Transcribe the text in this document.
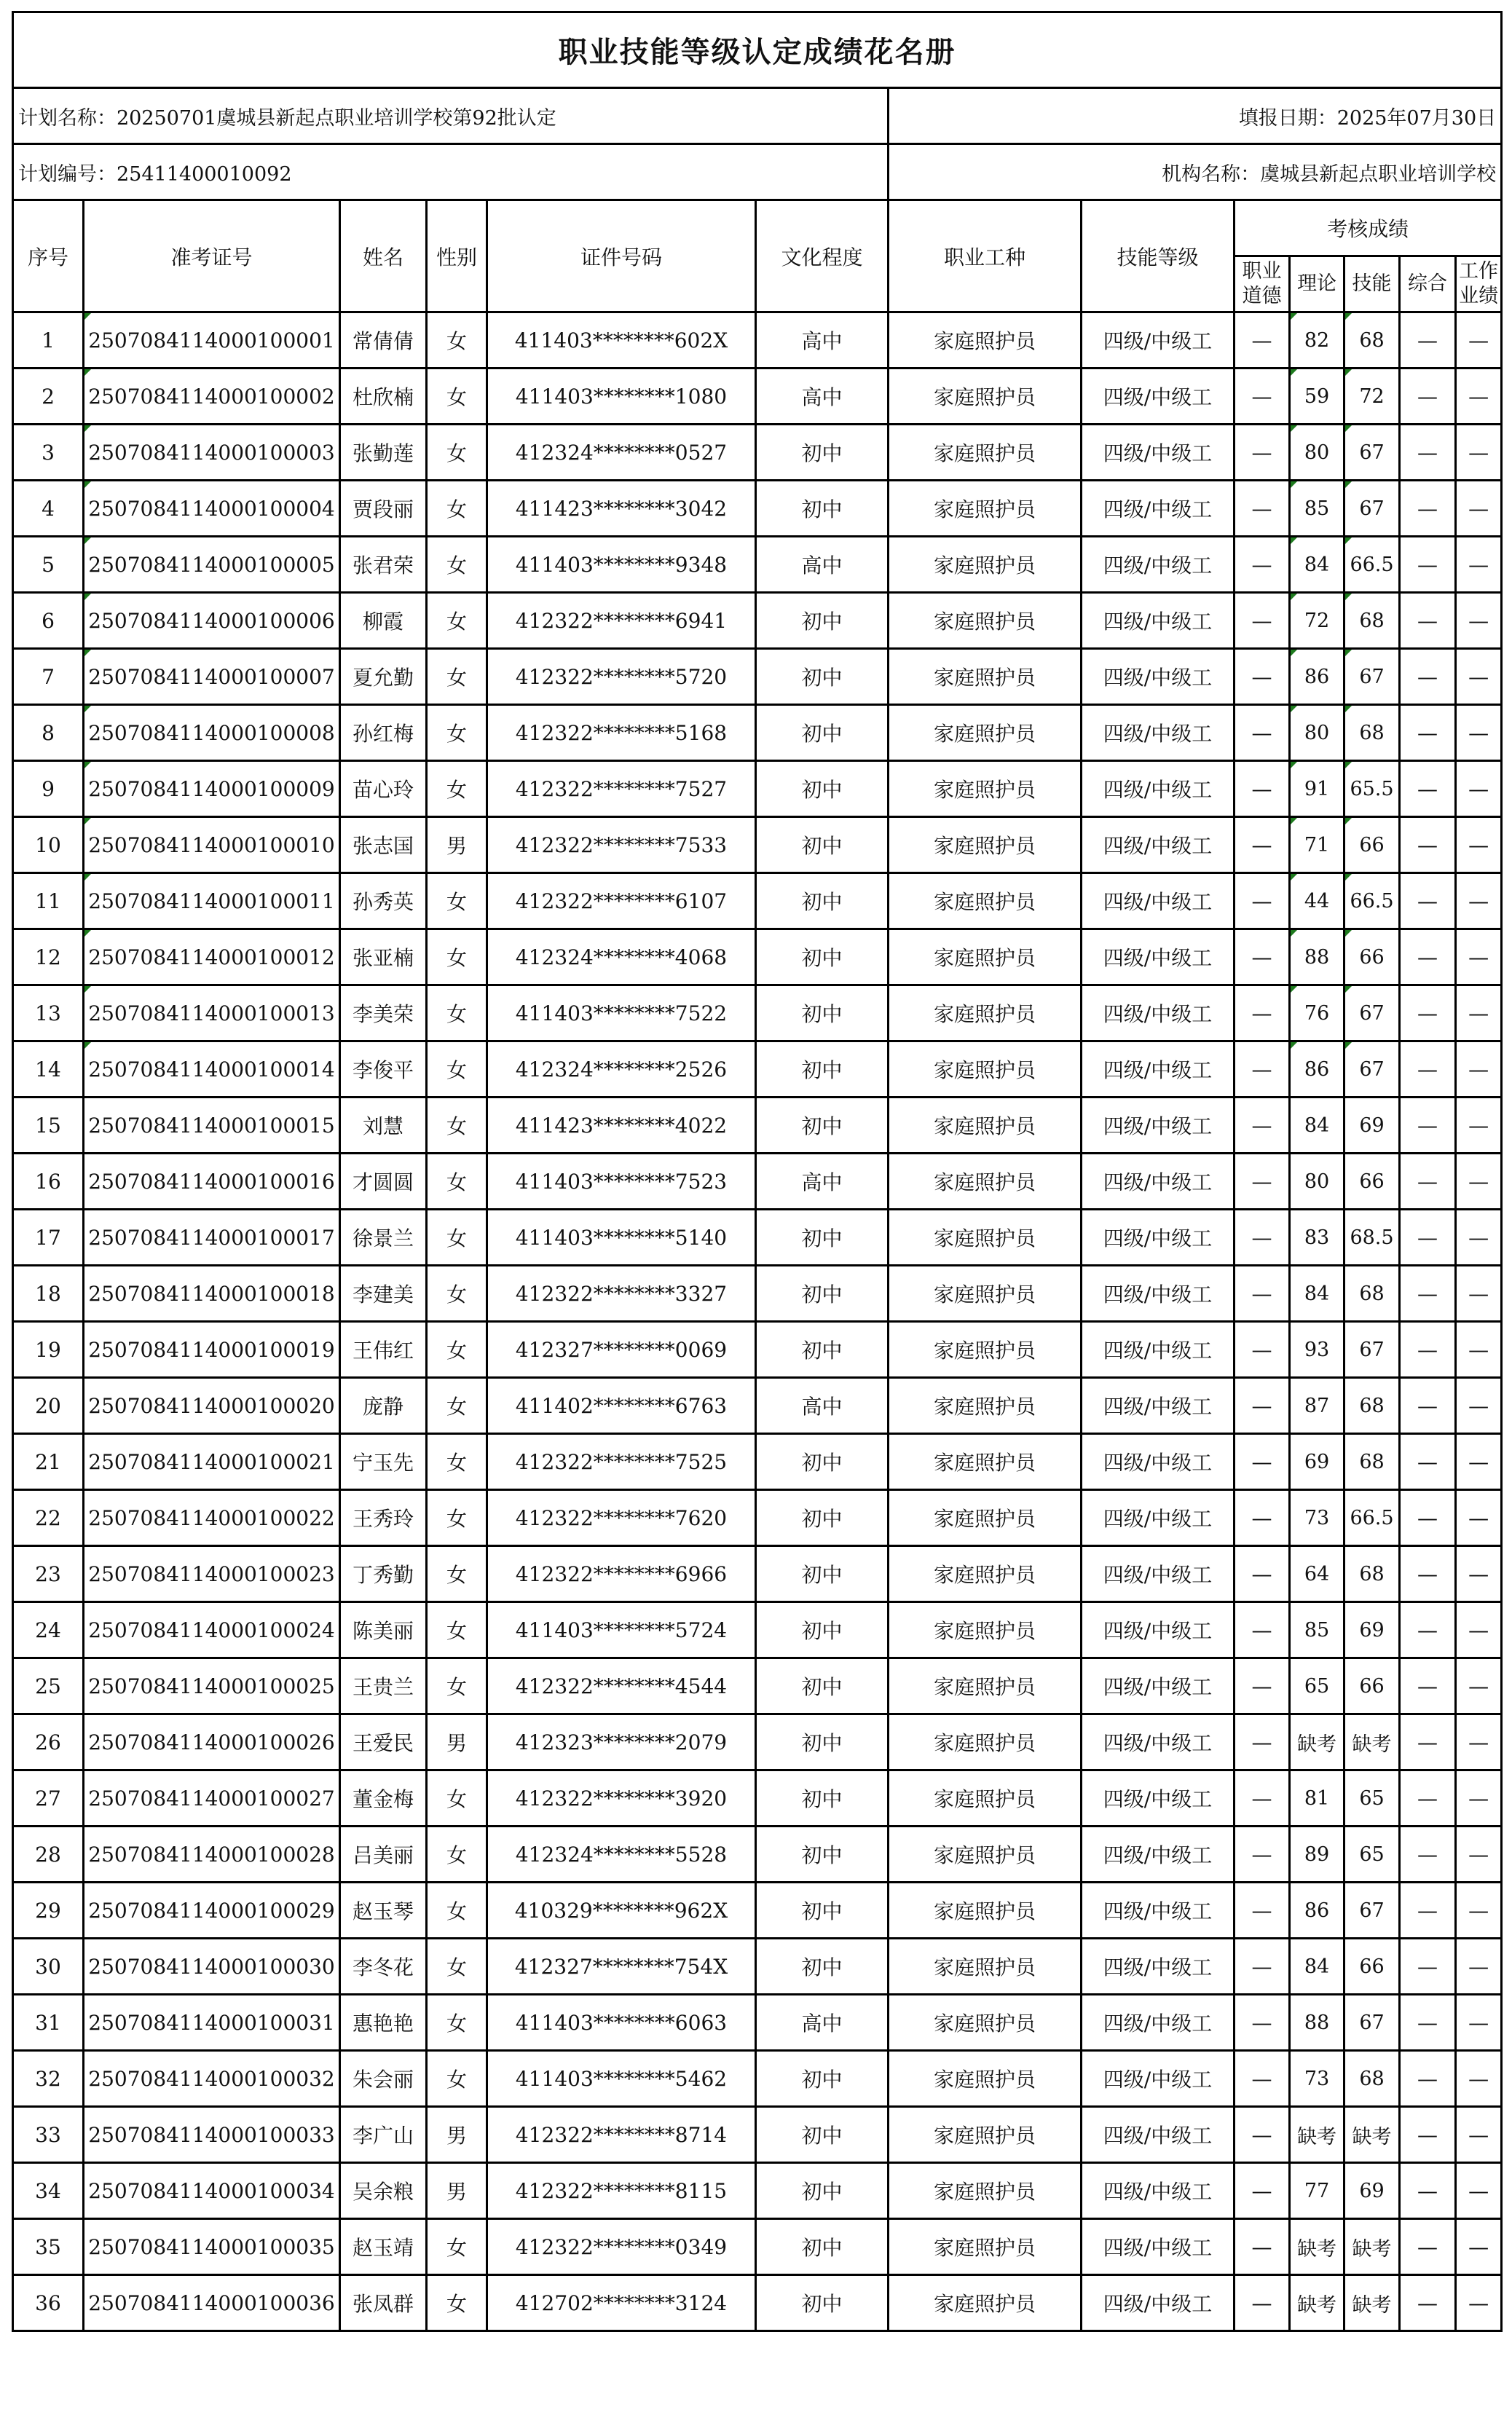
职业技能等级认定成绩花名册												
计划名称：20250701虞城县新起点职业培训学校第92批认定						填报日期：2025年07月30日						
计划编号：25411400010092						机构名称：虞城县新起点职业培训学校						
序号	准考证号	姓名	性别	证件号码	文化程度	职业工种	技能等级	考核成绩				
								职业道德	理论	技能	综合	工作业绩
1	2507084114000100001	常倩倩	女	411403********602X	高中	家庭照护员	四级/中级工	—	82	68	—	—
2	2507084114000100002	杜欣楠	女	411403********1080	高中	家庭照护员	四级/中级工	—	59	72	—	—
3	2507084114000100003	张勤莲	女	412324********0527	初中	家庭照护员	四级/中级工	—	80	67	—	—
4	2507084114000100004	贾段丽	女	411423********3042	初中	家庭照护员	四级/中级工	—	85	67	—	—
5	2507084114000100005	张君荣	女	411403********9348	高中	家庭照护员	四级/中级工	—	84	66.5	—	—
6	2507084114000100006	柳霞	女	412322********6941	初中	家庭照护员	四级/中级工	—	72	68	—	—
7	2507084114000100007	夏允勤	女	412322********5720	初中	家庭照护员	四级/中级工	—	86	67	—	—
8	2507084114000100008	孙红梅	女	412322********5168	初中	家庭照护员	四级/中级工	—	80	68	—	—
9	2507084114000100009	苗心玲	女	412322********7527	初中	家庭照护员	四级/中级工	—	91	65.5	—	—
10	2507084114000100010	张志国	男	412322********7533	初中	家庭照护员	四级/中级工	—	71	66	—	—
11	2507084114000100011	孙秀英	女	412322********6107	初中	家庭照护员	四级/中级工	—	44	66.5	—	—
12	2507084114000100012	张亚楠	女	412324********4068	初中	家庭照护员	四级/中级工	—	88	66	—	—
13	2507084114000100013	李美荣	女	411403********7522	初中	家庭照护员	四级/中级工	—	76	67	—	—
14	2507084114000100014	李俊平	女	412324********2526	初中	家庭照护员	四级/中级工	—	86	67	—	—
15	2507084114000100015	刘慧	女	411423********4022	初中	家庭照护员	四级/中级工	—	84	69	—	—
16	2507084114000100016	才圆圆	女	411403********7523	高中	家庭照护员	四级/中级工	—	80	66	—	—
17	2507084114000100017	徐景兰	女	411403********5140	初中	家庭照护员	四级/中级工	—	83	68.5	—	—
18	2507084114000100018	李建美	女	412322********3327	初中	家庭照护员	四级/中级工	—	84	68	—	—
19	2507084114000100019	王伟红	女	412327********0069	初中	家庭照护员	四级/中级工	—	93	67	—	—
20	2507084114000100020	庞静	女	411402********6763	高中	家庭照护员	四级/中级工	—	87	68	—	—
21	2507084114000100021	宁玉先	女	412322********7525	初中	家庭照护员	四级/中级工	—	69	68	—	—
22	2507084114000100022	王秀玲	女	412322********7620	初中	家庭照护员	四级/中级工	—	73	66.5	—	—
23	2507084114000100023	丁秀勤	女	412322********6966	初中	家庭照护员	四级/中级工	—	64	68	—	—
24	2507084114000100024	陈美丽	女	411403********5724	初中	家庭照护员	四级/中级工	—	85	69	—	—
25	2507084114000100025	王贵兰	女	412322********4544	初中	家庭照护员	四级/中级工	—	65	66	—	—
26	2507084114000100026	王爱民	男	412323********2079	初中	家庭照护员	四级/中级工	—	缺考	缺考	—	—
27	2507084114000100027	董金梅	女	412322********3920	初中	家庭照护员	四级/中级工	—	81	65	—	—
28	2507084114000100028	吕美丽	女	412324********5528	初中	家庭照护员	四级/中级工	—	89	65	—	—
29	2507084114000100029	赵玉琴	女	410329********962X	初中	家庭照护员	四级/中级工	—	86	67	—	—
30	2507084114000100030	李冬花	女	412327********754X	初中	家庭照护员	四级/中级工	—	84	66	—	—
31	2507084114000100031	惠艳艳	女	411403********6063	高中	家庭照护员	四级/中级工	—	88	67	—	—
32	2507084114000100032	朱会丽	女	411403********5462	初中	家庭照护员	四级/中级工	—	73	68	—	—
33	2507084114000100033	李广山	男	412322********8714	初中	家庭照护员	四级/中级工	—	缺考	缺考	—	—
34	2507084114000100034	吴余粮	男	412322********8115	初中	家庭照护员	四级/中级工	—	77	69	—	—
35	2507084114000100035	赵玉靖	女	412322********0349	初中	家庭照护员	四级/中级工	—	缺考	缺考	—	—
36	2507084114000100036	张凤群	女	412702********3124	初中	家庭照护员	四级/中级工	—	缺考	缺考	—	—
